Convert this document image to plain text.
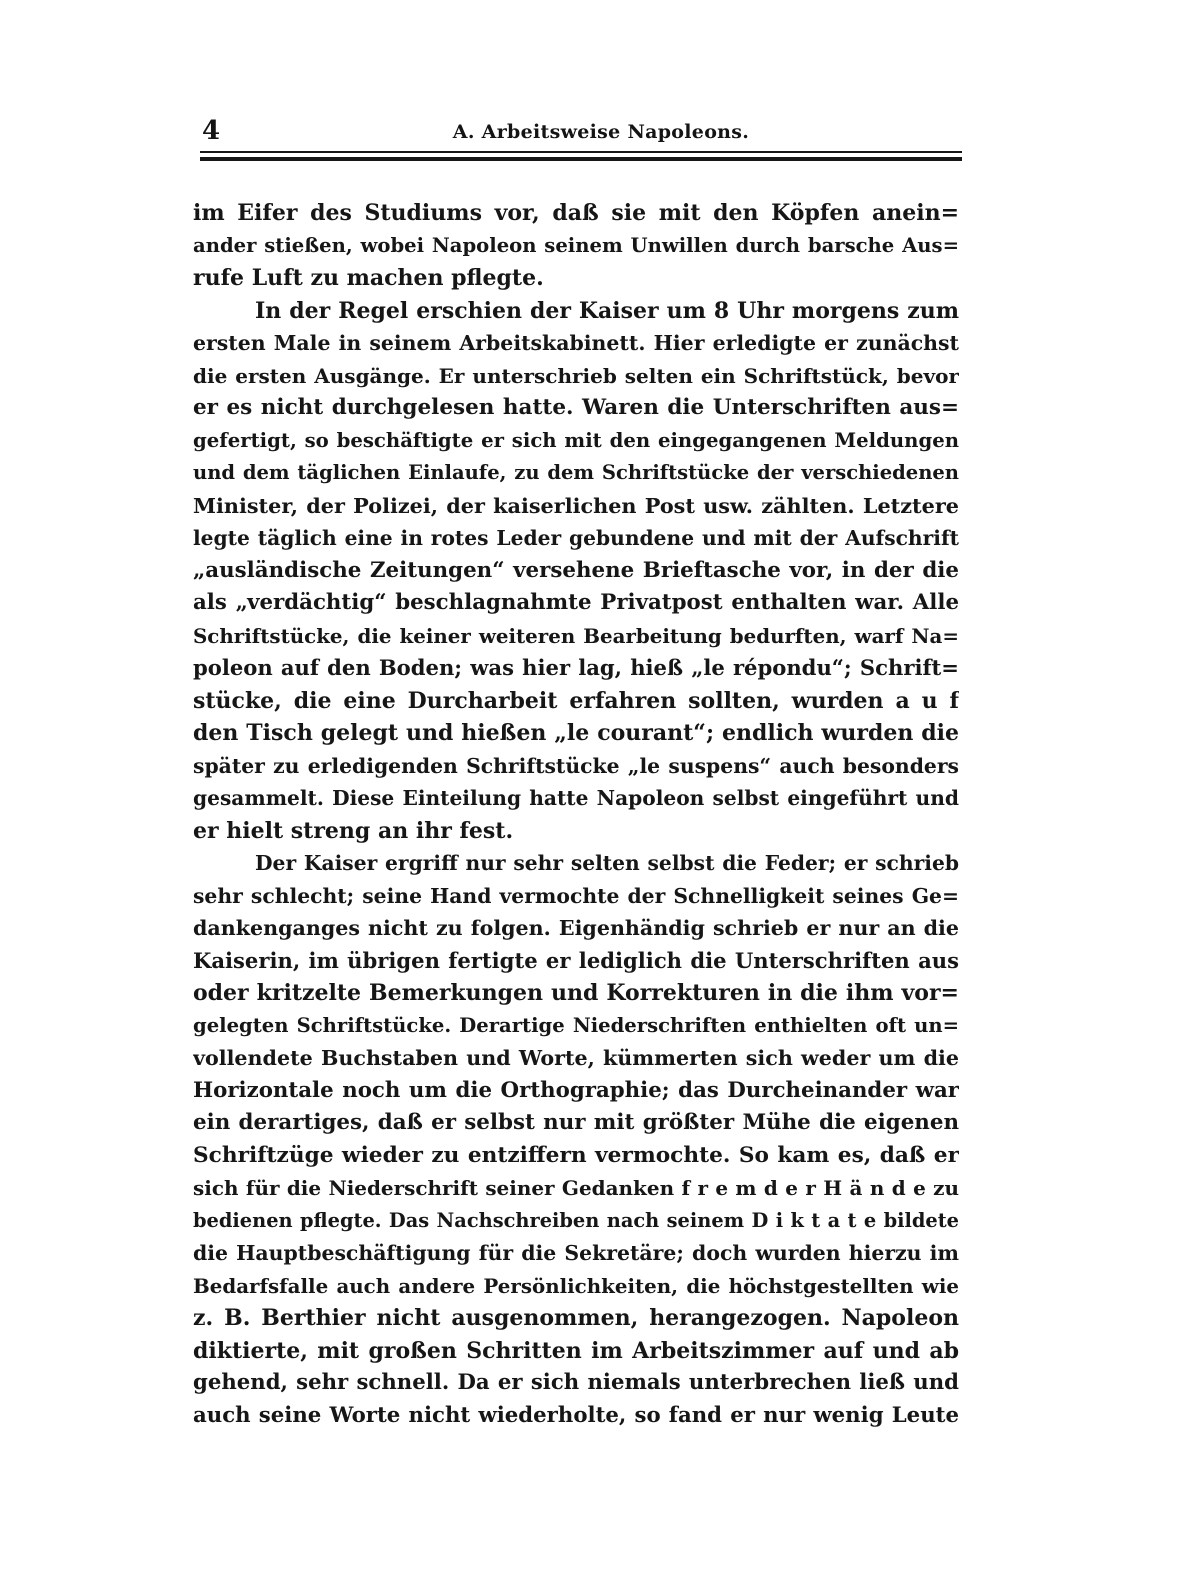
4	A. Arbeitsweise Napoleons.
im Eifer des Studiums vor, daß sie mit den Köpfen anein=
ander stießen, wobei Napoleon seinem Unwillen durch barsche Aus=
rufe Luft zu machen pflegte.
In der Regel erschien der Kaiser um 8 Uhr morgens zum
ersten Male in seinem Arbeitskabinett. Hier erledigte er zunächst
die ersten Ausgänge. Er unterschrieb selten ein Schriftstück, bevor
er es nicht durchgelesen hatte. Waren die Unterschriften aus=
gefertigt, so beschäftigte er sich mit den eingegangenen Meldungen
und dem täglichen Einlaufe, zu dem Schriftstücke der verschiedenen
Minister, der Polizei, der kaiserlichen Post usw. zählten. Letztere
legte täglich eine in rotes Leder gebundene und mit der Aufschrift
„ausländische Zeitungen“ versehene Brieftasche vor, in der die
als „verdächtig“ beschlagnahmte Privatpost enthalten war. Alle
Schriftstücke, die keiner weiteren Bearbeitung bedurften, warf Na=
poleon auf den Boden; was hier lag, hieß „le répondu“; Schrift=
stücke, die eine Durcharbeit erfahren sollten, wurden a u f
den Tisch gelegt und hießen „le courant“; endlich wurden die
später zu erledigenden Schriftstücke „le suspens“ auch besonders
gesammelt. Diese Einteilung hatte Napoleon selbst eingeführt und
er hielt streng an ihr fest.
Der Kaiser ergriff nur sehr selten selbst die Feder; er schrieb
sehr schlecht; seine Hand vermochte der Schnelligkeit seines Ge=
dankenganges nicht zu folgen. Eigenhändig schrieb er nur an die
Kaiserin, im übrigen fertigte er lediglich die Unterschriften aus
oder kritzelte Bemerkungen und Korrekturen in die ihm vor=
gelegten Schriftstücke. Derartige Niederschriften enthielten oft un=
vollendete Buchstaben und Worte, kümmerten sich weder um die
Horizontale noch um die Orthographie; das Durcheinander war
ein derartiges, daß er selbst nur mit größter Mühe die eigenen
Schriftzüge wieder zu entziffern vermochte. So kam es, daß er
sich für die Niederschrift seiner Gedanken f r e m d e r H ä n d e zu
bedienen pflegte. Das Nachschreiben nach seinem D i k t a t e bildete
die Hauptbeschäftigung für die Sekretäre; doch wurden hierzu im
Bedarfsfalle auch andere Persönlichkeiten, die höchstgestellten wie
z. B. Berthier nicht ausgenommen, herangezogen. Napoleon
diktierte, mit großen Schritten im Arbeitszimmer auf und ab
gehend, sehr schnell. Da er sich niemals unterbrechen ließ und
auch seine Worte nicht wiederholte, so fand er nur wenig Leute
